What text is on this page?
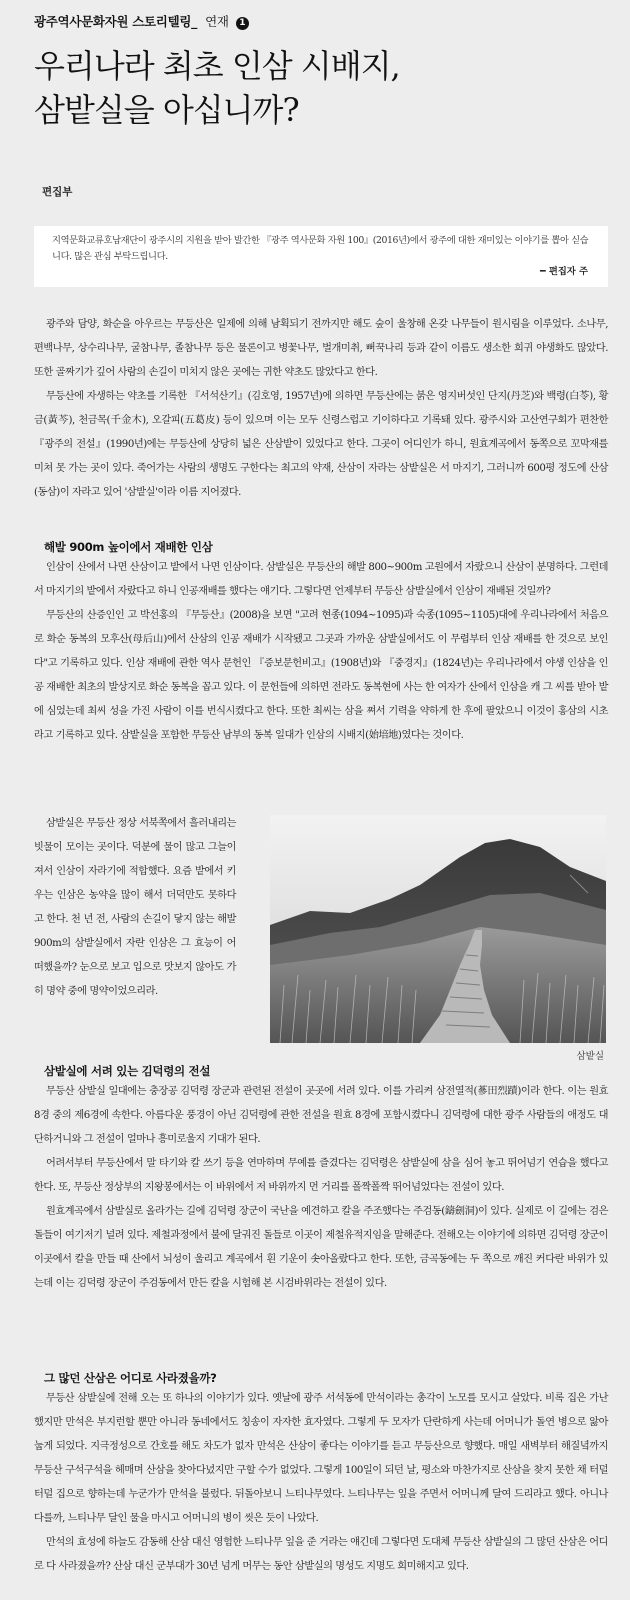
광주역사문화자원 스토리텔링_ 연재 1
우리나라 최초 인삼 시배지,
삼밭실을 아십니까?
편집부

지역문화교류호남재단이 광주시의 지원을 받아 발간한 『광주 역사문화 자원 100』(2016년)에서 광주에 대한 재미있는 이야기를 뽑아 싣습니다. 많은 관심 부탁드립니다.

━ 편집자 주

광주와 담양, 화순을 아우르는 무등산은 일제에 의해 남획되기 전까지만 해도 숲이 울창해 온갖 나무들이 원시림을 이루었다. 소나무, 편백나무, 상수리나무, 굴참나무, 졸참나무 등은 물론이고 병꽃나무, 벌개미취, 뻐꾹나리 등과 같이 이름도 생소한 희귀 야생화도 많았다. 또한 골짜기가 깊어 사람의 손길이 미치지 않은 곳에는 귀한 약초도 많았다고 한다.

무등산에 자생하는 약초를 기록한 『서석산기』(김호영, 1957년)에 의하면 무등산에는 붉은 영지버섯인 단지(丹芝)와 백령(白苓), 황금(黃芩), 천금목(千金木), 오갈피(五葛皮) 등이 있으며 이는 모두 신령스럽고 기이하다고 기록돼 있다. 광주시와 고산연구회가 편찬한 『광주의 전설』(1990년)에는 무등산에 상당히 넓은 산삼밭이 있었다고 한다. 그곳이 어디인가 하니, 원효계곡에서 동쪽으로 꼬막재를 미쳐 못 가는 곳이 있다. 죽어가는 사람의 생명도 구한다는 최고의 약재, 산삼이 자라는 삼밭실은 서 마지기, 그러니까 600평 정도에 산삼(동삼)이 자라고 있어 '삼밭실'이라 이름 지어졌다.

해발 900m 높이에서 재배한 인삼

인삼이 산에서 나면 산삼이고 밭에서 나면 인삼이다. 삼밭실은 무등산의 해발 800~900m 고원에서 자랐으니 산삼이 분명하다. 그런데 서 마지기의 밭에서 자랐다고 하니 인공재배를 했다는 얘기다. 그렇다면 언제부터 무등산 삼밭실에서 인삼이 재배된 것일까?

무등산의 산증인인 고 박선홍의 『무등산』(2008)을 보면 "고려 현종(1094~1095)과 숙종(1095~1105)대에 우리나라에서 처음으로 화순 동복의 모후산(母后山)에서 산삼의 인공 재배가 시작됐고 그곳과 가까운 삼밭실에서도 이 무렵부터 인삼 재배를 한 것으로 보인다"고 기록하고 있다. 인삼 재배에 관한 역사 문헌인 『증보문헌비고』(1908년)와 『중경지』(1824년)는 우리나라에서 야생 인삼을 인공 재배한 최초의 발상지로 화순 동복을 꼽고 있다. 이 문헌들에 의하면 전라도 동복현에 사는 한 여자가 산에서 인삼을 캐 그 씨를 받아 밭에 심었는데 최씨 성을 가진 사람이 이를 번식시켰다고 한다. 또한 최씨는 삼을 쪄서 기력을 약하게 한 후에 팔았으니 이것이 홍삼의 시초라고 기록하고 있다. 삼밭실을 포함한 무등산 남부의 동복 일대가 인삼의 시배지(始培地)였다는 것이다.

삼밭실은 무등산 정상 서북쪽에서 흘러내리는 빗물이 모이는 곳이다. 덕분에 물이 많고 그늘이 져서 인삼이 자라기에 적합했다. 요즘 밭에서 키우는 인삼은 농약을 많이 해서 더덕만도 못하다고 한다. 천 년 전, 사람의 손길이 닿지 않는 해발 900m의 삼밭실에서 자란 인삼은 그 효능이 어떠했을까? 눈으로 보고 입으로 맛보지 않아도 가히 명약 중에 명약이었으리라.

삼밭실
삼밭실에 서려 있는 김덕령의 전설

무등산 삼밭실 일대에는 충장공 김덕령 장군과 관련된 전설이 곳곳에 서려 있다. 이를 가리켜 삼전열적(蔘田烈蹟)이라 한다. 이는 원효 8경 중의 제6경에 속한다. 아름다운 풍경이 아닌 김덕령에 관한 전설을 원효 8경에 포함시켰다니 김덕령에 대한 광주 사람들의 애정도 대단하거니와 그 전설이 얼마나 흥미로울지 기대가 된다.

어려서부터 무등산에서 말 타기와 칼 쓰기 등을 연마하며 무예를 즐겼다는 김덕령은 삼밭실에 삼을 심어 놓고 뛰어넘기 연습을 했다고 한다. 또, 무등산 정상부의 지왕봉에서는 이 바위에서 저 바위까지 먼 거리를 폴짝폴짝 뛰어넘었다는 전설이 있다.

원효계곡에서 삼밭실로 올라가는 길에 김덕령 장군이 국난을 예견하고 칼을 주조했다는 주검동(鑄劍洞)이 있다. 실제로 이 길에는 검은 돌들이 여기저기 널려 있다. 제철과정에서 불에 달궈진 돌들로 이곳이 제철유적지임을 말해준다. 전해오는 이야기에 의하면 김덕령 장군이 이곳에서 칼을 만들 때 산에서 뇌성이 울리고 계곡에서 흰 기운이 솟아올랐다고 한다. 또한, 금곡동에는 두 쪽으로 깨진 커다란 바위가 있는데 이는 김덕령 장군이 주검동에서 만든 칼을 시험해 본 시검바위라는 전설이 있다.

그 많던 산삼은 어디로 사라졌을까?

무등산 삼밭실에 전해 오는 또 하나의 이야기가 있다. 옛날에 광주 서석동에 만석이라는 총각이 노모를 모시고 살았다. 비록 집은 가난했지만 만석은 부지런할 뿐만 아니라 동네에서도 칭송이 자자한 효자였다. 그렇게 두 모자가 단란하게 사는데 어머니가 돌연 병으로 앓아눕게 되었다. 지극정성으로 간호를 해도 차도가 없자 만석은 산삼이 좋다는 이야기를 듣고 무등산으로 향했다. 매일 새벽부터 해질녘까지 무등산 구석구석을 헤매며 산삼을 찾아다녔지만 구할 수가 없었다. 그렇게 100일이 되던 날, 평소와 마찬가지로 산삼을 찾지 못한 채 터덜터덜 집으로 향하는데 누군가가 만석을 불렀다. 뒤돌아보니 느티나무였다. 느티나무는 잎을 주면서 어머니께 달여 드리라고 했다. 아니나 다를까, 느티나무 달인 물을 마시고 어머니의 병이 씻은 듯이 나았다.

만석의 효성에 하늘도 감동해 산삼 대신 영험한 느티나무 잎을 준 거라는 얘긴데 그렇다면 도대체 무등산 삼밭실의 그 많던 산삼은 어디로 다 사라졌을까? 산삼 대신 군부대가 30년 넘게 머무는 동안 삼밭실의 명성도 지명도 희미해지고 있다.
